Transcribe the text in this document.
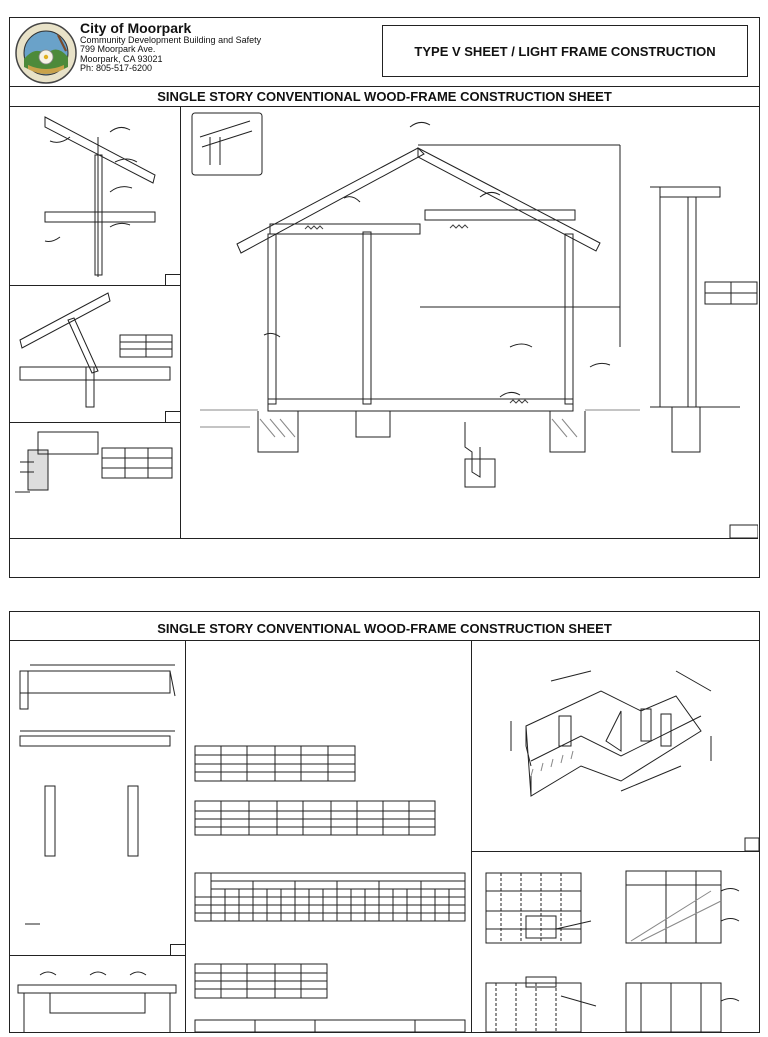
City of Moorpark
Community Development Building and Safety
799 Moorpark Ave.
Moorpark, CA 93021
Ph: 805-517-6200
TYPE V SHEET / LIGHT FRAME CONSTRUCTION
SINGLE STORY CONVENTIONAL WOOD-FRAME CONSTRUCTION SHEET
SINGLE STORY CONVENTIONAL WOOD-FRAME CONSTRUCTION SHEET
